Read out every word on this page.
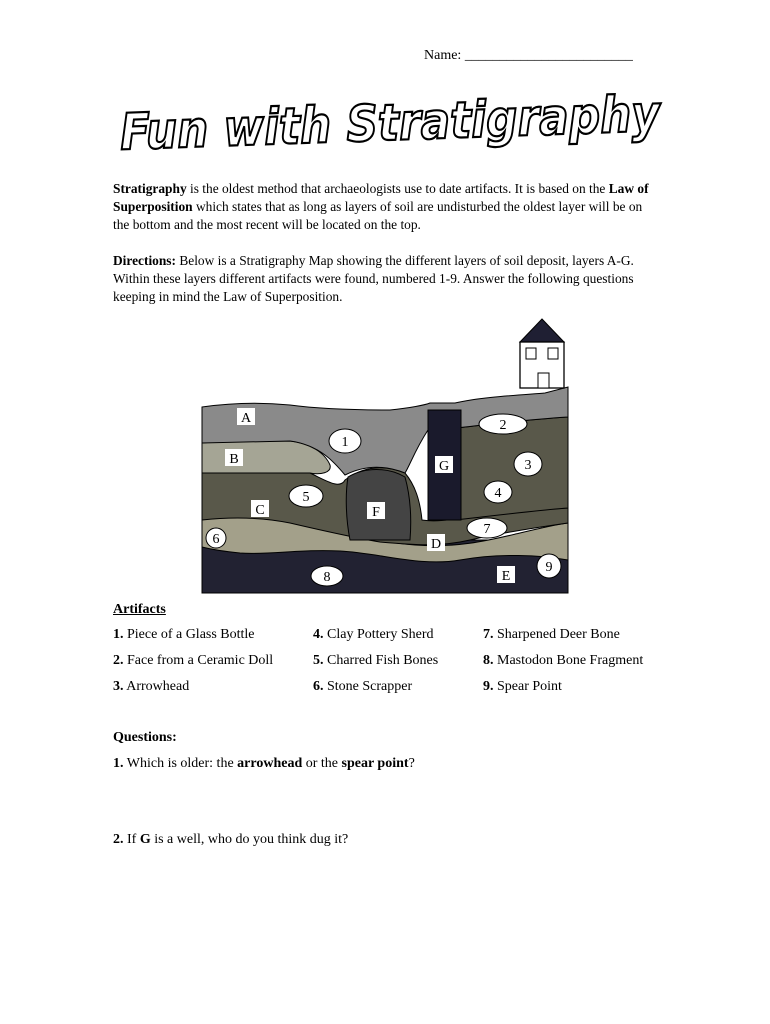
Name: ________________________
Fun with Stratigraphy

Stratigraphy is the oldest method that archaeologists use to date artifacts. It is based on the Law of Superposition which states that as long as layers of soil are undisturbed the oldest layer will be on the bottom and the most recent will be located on the top.

Directions: Below is a Stratigraphy Map showing the different layers of soil deposit, layers A-G. Within these layers different artifacts were found, numbered 1-9. Answer the following questions keeping in mind the Law of Superposition.

A
B
C
D
E
F
G
1
2
3
4
5
6
7
8
9
Artifacts
1. Piece of a Glass Bottle
2. Face from a Ceramic Doll
3. Arrowhead
4. Clay Pottery Sherd
5. Charred Fish Bones
6. Stone Scrapper
7. Sharpened Deer Bone
8. Mastodon Bone Fragment
9. Spear Point
Questions:
1. Which is older: the arrowhead or the spear point?
2. If G is a well, who do you think dug it?
